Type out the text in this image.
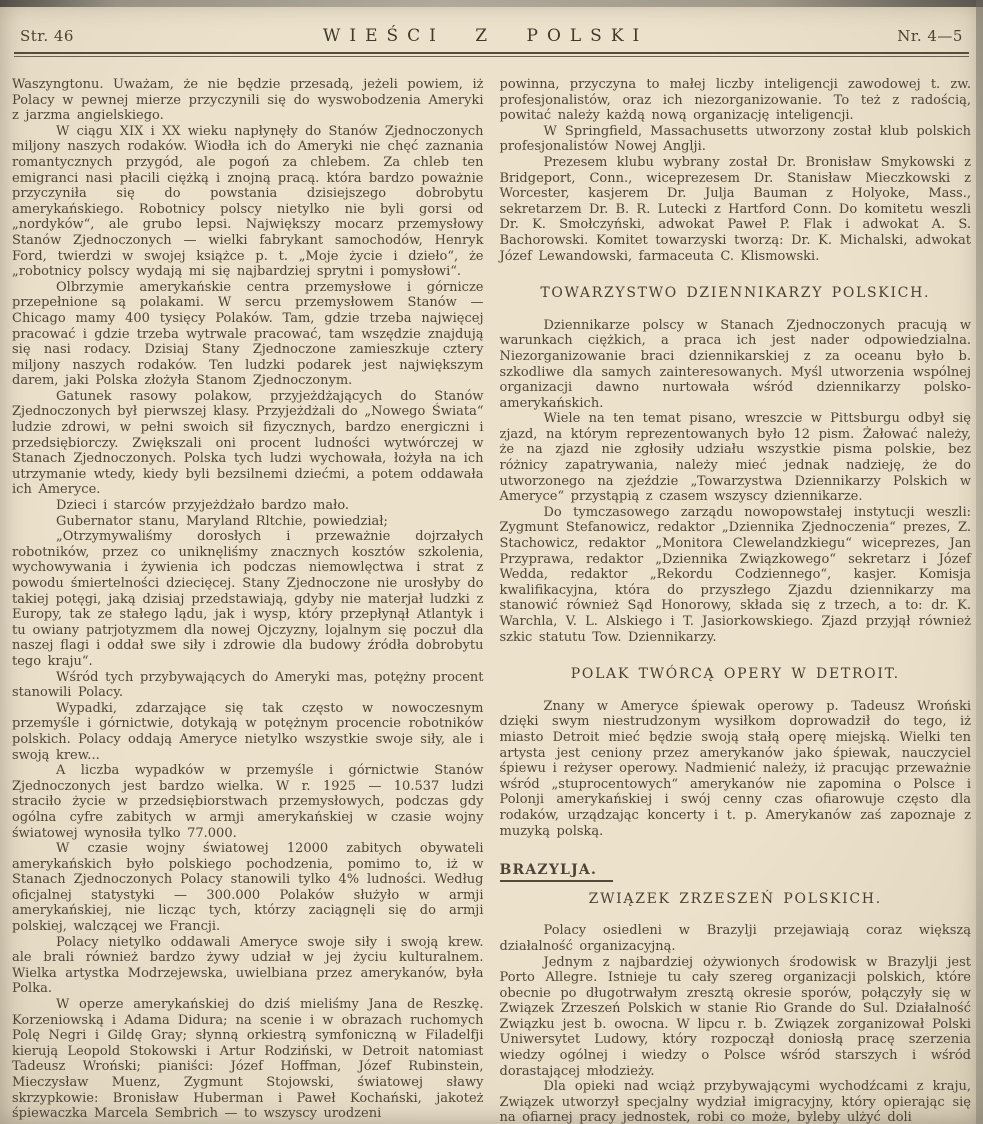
Str. 46	WIEŚCI Z POLSKI	Nr. 4—5

Waszyngtonu. Uważam, że nie będzie przesadą, jeżeli powiem, iż Polacy w pewnej mierze przyczynili się do wyswobodzenia Ameryki z jarzma angielskiego.

W ciągu XIX i XX wieku napłynęły do Stanów Zjednoczonych miljony naszych rodaków. Wiodła ich do Ameryki nie chęć zaznania romantycznych przygód, ale pogoń za chlebem. Za chleb ten emigranci nasi płacili ciężką i znojną pracą. która bardzo poważnie przyczyniła się do powstania dzisiejszego dobrobytu amerykańskiego. Robotnicy polscy nietylko nie byli gorsi od „nordyków“, ale grubo lepsi. Największy mocarz przemysłowy Stanów Zjednoczonych — wielki fabrykant samochodów, Henryk Ford, twierdzi w swojej książce p. t. „Moje życie i dzieło“, że „robotnicy polscy wydają mi się najbardziej sprytni i pomysłowi“.

Olbrzymie amerykańskie centra przemysłowe i górnicze przepełnione są polakami. W sercu przemysłowem Stanów — Chicago mamy 400 tysięcy Polaków. Tam, gdzie trzeba najwięcej pracować i gdzie trzeba wytrwale pracować, tam wszędzie znajdują się nasi rodacy. Dzisiaj Stany Zjednoczone zamieszkuje cztery miljony naszych rodaków. Ten ludzki podarek jest największym darem, jaki Polska złożyła Stanom Zjednoczonym.

Gatunek rasowy polakow, przyjeżdżających do Stanów Zjednoczonych był pierwszej klasy. Przyjeżdżali do „Nowego Świata“ ludzie zdrowi, w pełni swoich sił fizycznych, bardzo energiczni i przedsiębiorczy. Zwiększali oni procent ludności wytwórczej w Stanach Zjednoczonych. Polska tych ludzi wychowała, łożyła na ich utrzymanie wtedy, kiedy byli bezsilnemi dziećmi, a potem oddawała ich Ameryce.

Dzieci i starców przyjeżdżało bardzo mało.

Gubernator stanu, Maryland Rltchie, powiedział;

„Otrzymywaliśmy dorosłych i przeważnie dojrzałych robotników, przez co uniknęliśmy znacznych kosztów szkolenia, wychowywania i żywienia ich podczas niemowlęctwa i strat z powodu śmiertelności dziecięcej. Stany Zjednoczone nie urosłyby do takiej potęgi, jaką dzisiaj przedstawiają, gdyby nie materjał ludzki z Europy, tak ze stałego lądu, jak i wysp, który przepłynął Atlantyk i tu owiany patrjotyzmem dla nowej Ojczyzny, lojalnym się poczuł dla naszej flagi i oddał swe siły i zdrowie dla budowy źródła dobrobytu tego kraju“.

Wśród tych przybywających do Ameryki mas, potężny procent stanowili Polacy.

Wypadki, zdarzające się tak często w nowoczesnym przemyśle i górnictwie, dotykają w potężnym procencie robotników polskich. Polacy oddają Ameryce nietylko wszystkie swoje siły, ale i swoją krew...

A liczba wypadków w przemyśle i górnictwie Stanów Zjednoczonych jest bardzo wielka. W r. 1925 — 10.537 ludzi straciło życie w przedsiębiorstwach przemysłowych, podczas gdy ogólna cyfre zabitych w armji amerykańskiej w czasie wojny światowej wynosiła tylko 77.000.

W czasie wojny światowej 12000 zabitych obywateli amerykańskich było polskiego pochodzenia, pomimo to, iż w Stanach Zjednoczonych Polacy stanowili tylko 4% ludności. Według oficjalnej statystyki — 300.000 Polaków służyło w armji amerykańskiej, nie licząc tych, którzy zaciągnęli się do armji polskiej, walczącej we Francji.

Polacy nietylko oddawali Ameryce swoje siły i swoją krew. ale brali również bardzo żywy udział w jej życiu kulturalnem. Wielka artystka Modrzejewska, uwielbiana przez amerykanów, była Polka.

W operze amerykańskiej do dziś mieliśmy Jana de Reszkę. Korzeniowską i Adama Didura; na scenie i w obrazach ruchomych Polę Negri i Gildę Gray; słynną orkiestrą symfoniczną w Filadelfji kierują Leopold Stokowski i Artur Rodziński, w Detroit natomiast Tadeusz Wroński; pianiści: Józef Hoffman, Józef Rubinstein, Mieczysław Muenz, Zygmunt Stojowski, światowej sławy skrzypkowie: Bronisław Huberman i Paweł Kochański, jakoteż śpiewaczka Marcela Sembrich — to wszyscy urodzeni

powinna, przyczyna to małej liczby inteligencji zawodowej t. zw. profesjonalistów, oraz ich niezorganizowanie. To też z radością, powitać należy każdą nową organizację inteligencji.

W Springfield, Massachusetts utworzony został klub polskich profesjonalistów Nowej Anglji.

Prezesem klubu wybrany został Dr. Bronisław Smykowski z Bridgeport, Conn., wiceprezesem Dr. Stanisław Mieczkowski z Worcester, kasjerem Dr. Julja Bauman z Holyoke, Mass., sekretarzem Dr. B. R. Lutecki z Hartford Conn. Do komitetu weszli Dr. K. Smołczyński, adwokat Paweł P. Flak i adwokat A. S. Bachorowski. Komitet towarzyski tworzą: Dr. K. Michalski, adwokat Józef Lewandowski, farmaceuta C. Klismowski.

TOWARZYSTWO DZIENNIKARZY POLSKICH.

Dziennikarze polscy w Stanach Zjednoczonych pracują w warunkach ciężkich, a praca ich jest nader odpowiedzialna. Niezorganizowanie braci dziennikarskiej z za oceanu było b. szkodliwe dla samych zainteresowanych. Myśl utworzenia wspólnej organizacji dawno nurtowała wśród dziennikarzy polsko-amerykańskich.

Wiele na ten temat pisano, wreszcie w Pittsburgu odbył się zjazd, na którym reprezentowanych było 12 pism. Żałować należy, że na zjazd nie zgłosiły udziału wszystkie pisma polskie, bez różnicy zapatrywania, należy mieć jednak nadzieję, że do utworzonego na zjeździe „Towarzystwa Dziennikarzy Polskich w Ameryce“ przystąpią z czasem wszyscy dziennikarze.

Do tymczasowego zarządu nowopowstałej instytucji weszli: Zygmunt Stefanowicz, redaktor „Dziennika Zjednoczenia“ prezes, Z. Stachowicz, redaktor „Monitora Clewelandzkiegu“ wiceprezes, Jan Przyprawa, redaktor „Dziennika Związkowego“ sekretarz i Józef Wedda, redaktor „Rekordu Codziennego“, kasjer. Komisja kwalifikacyjna, która do przyszłego Zjazdu dziennikarzy ma stanowić również Sąd Honorowy, składa się z trzech, a to: dr. K. Warchla, V. L. Alskiego i T. Jasiorkowskiego. Zjazd przyjął również szkic statutu Tow. Dziennikarzy.

POLAK TWÓRCĄ OPERY W DETROIT.

Znany w Ameryce śpiewak operowy p. Tadeusz Wroński dzięki swym niestrudzonym wysiłkom doprowadził do tego, iż miasto Detroit mieć będzie swoją stałą operę miejską. Wielki ten artysta jest ceniony przez amerykanów jako śpiewak, nauczyciel śpiewu i reżyser operowy. Nadmienić należy, iż pracując przeważnie wśród „stuprocentowych“ amerykanów nie zapomina o Polsce i Polonji amerykańskiej i swój cenny czas ofiarowuje często dla rodaków, urządzając koncerty i t. p. Amerykanów zaś zapoznaje z muzyką polską.

BRAZYLJA.
ZWIĄZEK ZRZESZEŃ POLSKICH.

Polacy osiedleni w Brazylji przejawiają coraz większą działalność organizacyjną.

Jednym z najbardziej ożywionych środowisk w Brazylji jest Porto Allegre. Istnieje tu cały szereg organizacji polskich, które obecnie po długotrwałym zresztą okresie sporów, połączyły się w Związek Zrzeszeń Polskich w stanie Rio Grande do Sul. Działalność Związku jest b. owocna. W lipcu r. b. Związek zorganizował Polski Uniwersytet Ludowy, który rozpoczął doniosłą pracę szerzenia wiedzy ogólnej i wiedzy o Polsce wśród starszych i wśród dorastającej młodzieży.

Dla opieki nad wciąż przybywającymi wychodźcami z kraju, Związek utworzył specjalny wydział imigracyjny, który opierając się na ofiarnej pracy jednostek, robi co może, byleby ulżyć doli
